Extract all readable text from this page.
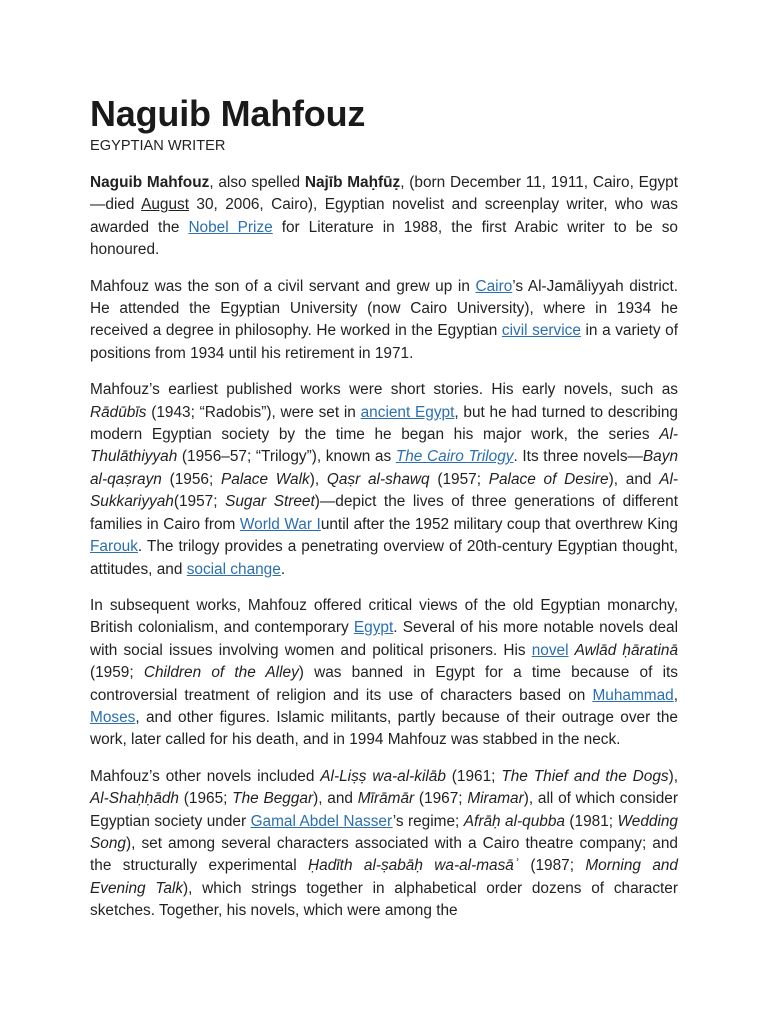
Naguib Mahfouz
EGYPTIAN WRITER

Naguib Mahfouz, also spelled Najīb Maḥfūẓ, (born December 11, 1911, Cairo, Egypt—died August 30, 2006, Cairo), Egyptian novelist and screenplay writer, who was awarded the Nobel Prize for Literature in 1988, the first Arabic writer to be so honoured.

Mahfouz was the son of a civil servant and grew up in Cairo’s Al-Jamāliyyah district. He attended the Egyptian University (now Cairo University), where in 1934 he received a degree in philosophy. He worked in the Egyptian civil service in a variety of positions from 1934 until his retirement in 1971.

Mahfouz’s earliest published works were short stories. His early novels, such as Rādūbīs (1943; “Radobis”), were set in ancient Egypt, but he had turned to describing modern Egyptian society by the time he began his major work, the series Al-Thulāthiyyah (1956–57; “Trilogy”), known as The Cairo Trilogy. Its three novels—Bayn al-qaṣrayn (1956; Palace Walk), Qaṣr al-shawq (1957; Palace of Desire), and Al-Sukkariyyah(1957; Sugar Street)—depict the lives of three generations of different families in Cairo from World War Iuntil after the 1952 military coup that overthrew King Farouk. The trilogy provides a penetrating overview of 20th-century Egyptian thought, attitudes, and social change.

In subsequent works, Mahfouz offered critical views of the old Egyptian monarchy, British colonialism, and contemporary Egypt. Several of his more notable novels deal with social issues involving women and political prisoners. His novel Awlād ḥāratinā (1959; Children of the Alley) was banned in Egypt for a time because of its controversial treatment of religion and its use of characters based on Muhammad, Moses, and other figures. Islamic militants, partly because of their outrage over the work, later called for his death, and in 1994 Mahfouz was stabbed in the neck.

Mahfouz’s other novels included Al-Liṣṣ wa-al-kilāb (1961; The Thief and the Dogs), Al-Shaḥḥādh (1965; The Beggar), and Mīrāmār (1967; Miramar), all of which consider Egyptian society under Gamal Abdel Nasser’s regime; Afrāḥ al-qubba (1981; Wedding Song), set among several characters associated with a Cairo theatre company; and the structurally experimental Ḥadīth al-ṣabāḥ wa-al-masāʾ (1987; Morning and Evening Talk), which strings together in alphabetical order dozens of character sketches. Together, his novels, which were among the
